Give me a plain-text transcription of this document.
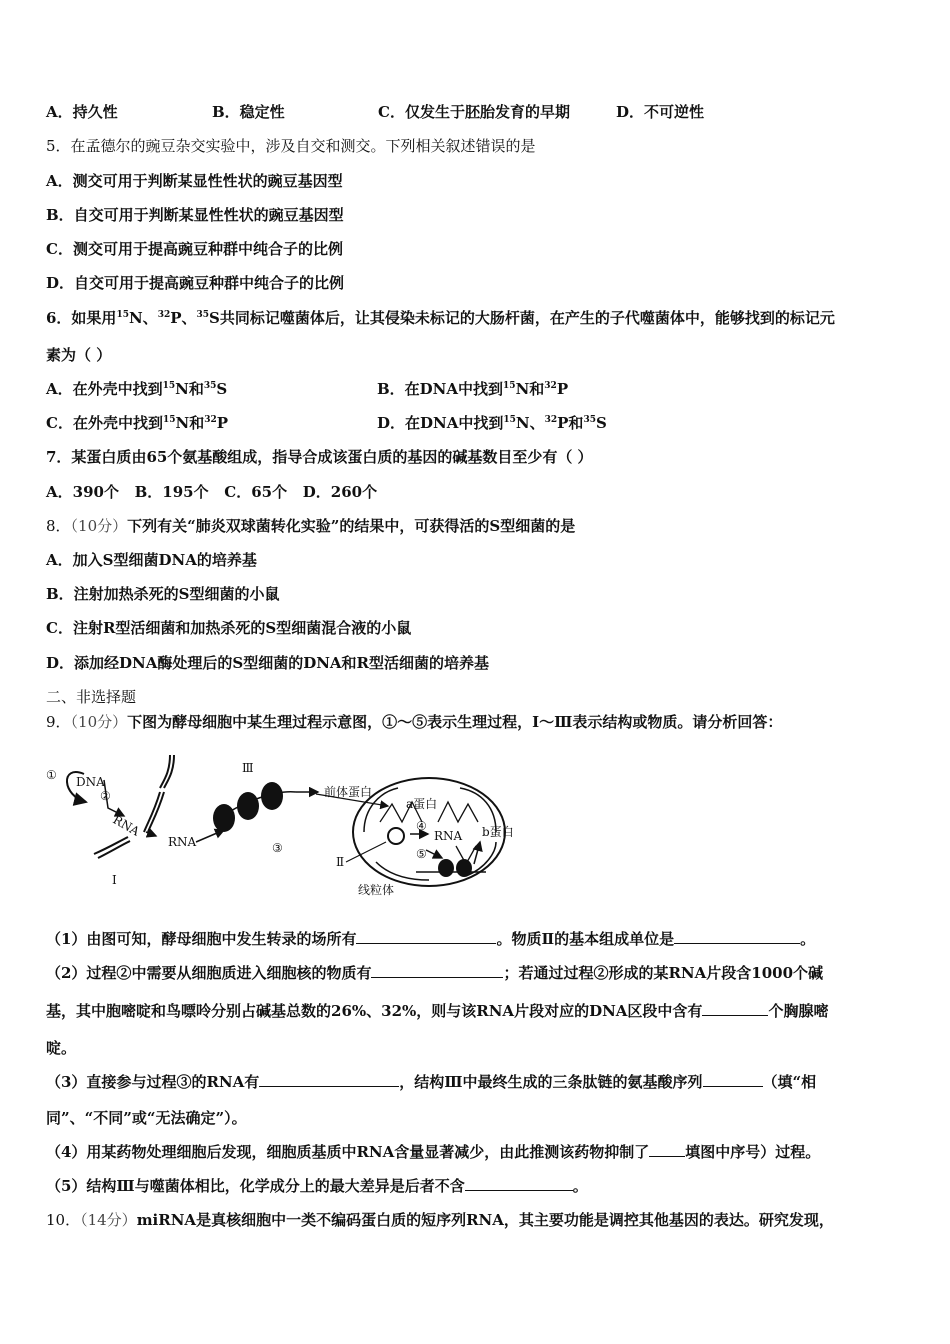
A．持久性	B．稳定性	C．仅发生于胚胎发育的早期	D．不可逆性
5．在孟德尔的豌豆杂交实验中，涉及自交和测交。下列相关叙述错误的是
A．测交可用于判断某显性性状的豌豆基因型
B．自交可用于判断某显性性状的豌豆基因型
C．测交可用于提高豌豆种群中纯合子的比例
D．自交可用于提高豌豆种群中纯合子的比例
6．如果用$^{15}$N、$^{32}$P、$^{35}$S共同标记噬菌体后，让其侵染未标记的大肠杆菌，在产生的子代噬菌体中，能够找到的标记元
素为（ ）
A．在外壳中找到$^{15}$N和$^{35}$S	B．在DNA中找到$^{15}$N和$^{32}$P
C．在外壳中找到$^{15}$N和$^{32}$P	D．在DNA中找到$^{15}$N、$^{32}$P和$^{35}$S
7．某蛋白质由65个氨基酸组成，指导合成该蛋白质的基因的碱基数目至少有（ ）
A．390个   B．195个   C．65个   D．260个
8．（10分）下列有关“肺炎双球菌转化实验”的结果中，可获得活的S型细菌的是
A．加入S型细菌DNA的培养基
B．注射加热杀死的S型细菌的小鼠
C．注射R型活细菌和加热杀死的S型细菌混合液的小鼠
D．添加经DNA酶处理后的S型细菌的DNA和R型活细菌的培养基
二、非选择题
9．（10分）下图为酵母细胞中某生理过程示意图，①～⑤表示生理过程，Ⅰ～Ⅲ表示结构或物质。请分析回答：
① DNA
②
RNA
RNA
Ⅰ
Ⅲ
③
前体蛋白
a蛋白
④
RNA
⑤
b蛋白
Ⅱ
线粒体
（1）由图可知，酵母细胞中发生转录的场所有	。物质Ⅱ的基本组成单位是	。
（2）过程②中需要从细胞质进入细胞核的物质有	；若通过过程②形成的某RNA片段含1000个碱
基，其中胞嘧啶和鸟嘌呤分别占碱基总数的26%、32%，则与该RNA片段对应的DNA区段中含有	个胸腺嘧
啶。
（3）直接参与过程③的RNA有	，结构Ⅲ中最终生成的三条肽链的氨基酸序列	（填“相
同”、“不同”或“无法确定”）。
（4）用某药物处理细胞后发现，细胞质基质中RNA含量显著减少，由此推测该药物抑制了 填图中序号）过程。
（5）结构Ⅲ与噬菌体相比，化学成分上的最大差异是后者不含	。
10．（14分）miRNA是真核细胞中一类不编码蛋白质的短序列RNA，其主要功能是调控其他基因的表达。研究发现，
